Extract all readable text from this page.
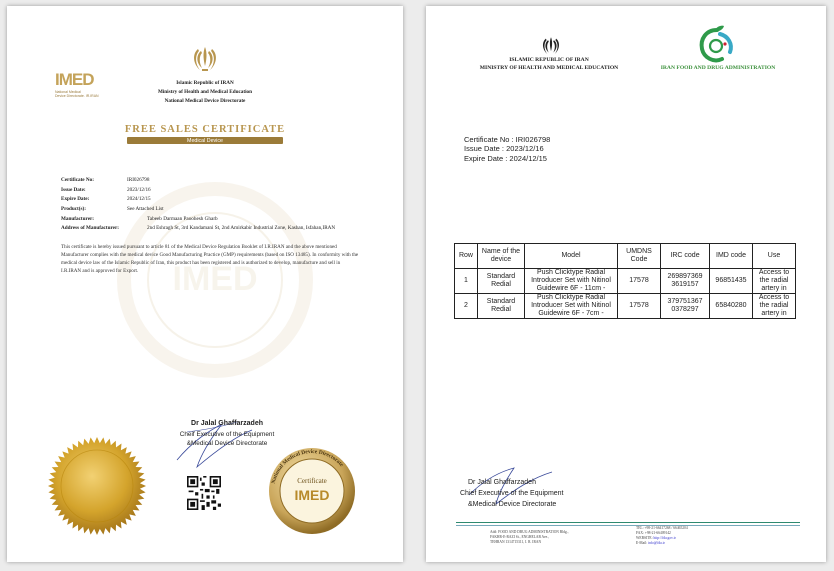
IMED
IMED
National Medical
Device Directorate. IR.IRAN
Islamic Republic of IRAN
Ministry of Health and Medical Education
National Medical Device Directorate
FREE SALES CERTIFICATE
Medical Device
Certificate No:	IRI026798
Issue Date:	2023/12/16
Expire Date:	2024/12/15
Product(s):	See Attached List
Manufacturer:	Tabeeb Darmaan Paoohesh Gharb
Address of Manufacturer:	2nd Eshragh St, 3rd Kandamani St, 2nd Amirkabir Industrial Zone, Kashan, Isfahan,IRAN
This certificate is hereby issued pursuant to article 81 of the Medical Device Regulation Booklet of I.R.IRAN and the above mentioned Manufacturer complies with the medical device Good Manufacturing Practice (GMP) requirements (based on ISO 13485). In conformity with the medical device law of the Islamic Republic of Iran, this product has been registered and is authorized to develop, manufacture and sell in I.R.IRAN and is approved for Export.
Dr Jalal Ghaffarzadeh
Cheif Executive of the Equipment
&Medical Device Directorate
Certificate
IMED
National Medical Device Directorate
ISLAMIC REPUBLIC OF IRAN
MINISTRY OF HEALTH AND MEDICAL EDUCATION	IRAN FOOD AND DRUG ADMINISTRATION
Certificate No : IRI026798
Issue Date : 2023/12/16
Expire Date : 2024/12/15
Row	Name of the device	Model	UMDNS Code	IRC code	IMD code	Use
1	Standard Redial	Push Clicktype Radial Introducer Set with Nitinol Guidewire 6F - 11cm -	17578	269897369 3619157	96851435	Access to the radial artery in

2	Standard Redial	Push Clicktype Radial Introducer Set with Nitinol Guidewire 6F - 7cm -	17578	379751367 0378297	65840280	Access to the radial artery in
Dr Jalal Ghaffarzadeh
Chief Executive of the Equipment
&Medical Device Directorate
Add: FOOD AND DRUG ADMINISTRATION Bldg.,
FAKHR-E-RAZI St., ENGHELAB Ave.,
TEHRAN 1314715311, I. R. IRAN
TEL: +98-21-66417268 / 66465204
FAX: +98-21-66409142
WEBSITE: http://fda.gov.ir
E-Mail: info@fda.ir
